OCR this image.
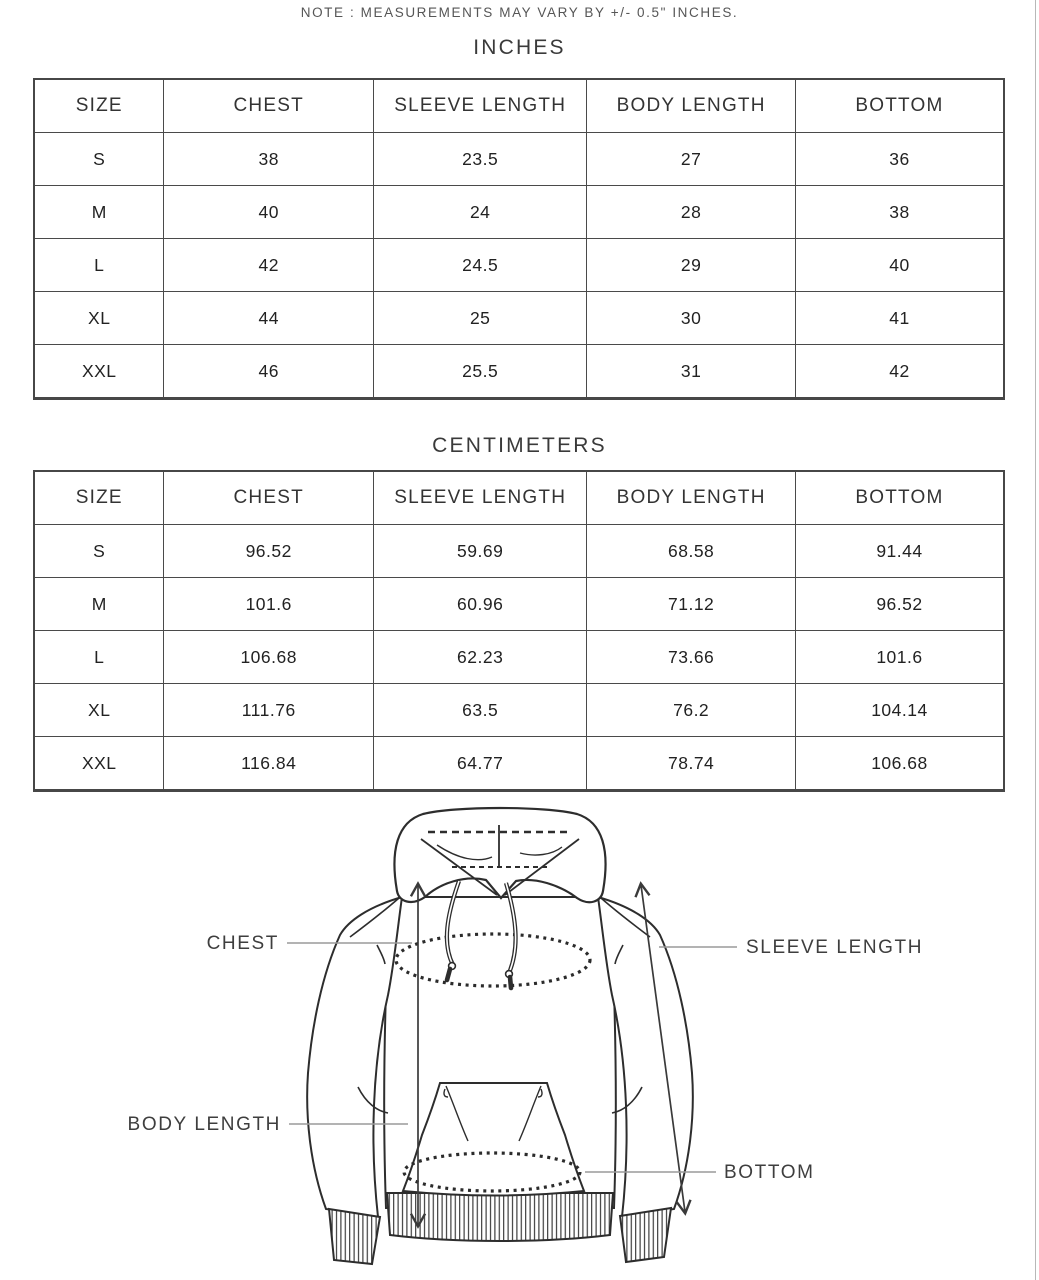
NOTE : MEASUREMENTS MAY VARY BY +/- 0.5" INCHES.
INCHES
SIZE	CHEST	SLEEVE LENGTH	BODY LENGTH	BOTTOM
S	38	23.5	27	36
M	40	24	28	38
L	42	24.5	29	40
XL	44	25	30	41
XXL	46	25.5	31	42
CENTIMETERS
SIZE	CHEST	SLEEVE LENGTH	BODY LENGTH	BOTTOM
S	96.52	59.69	68.58	91.44
M	101.6	60.96	71.12	96.52
L	106.68	62.23	73.66	101.6
XL	111.76	63.5	76.2	104.14
XXL	116.84	64.77	78.74	106.68
CHEST	SLEEVE LENGTH
BODY LENGTH
BOTTOM
